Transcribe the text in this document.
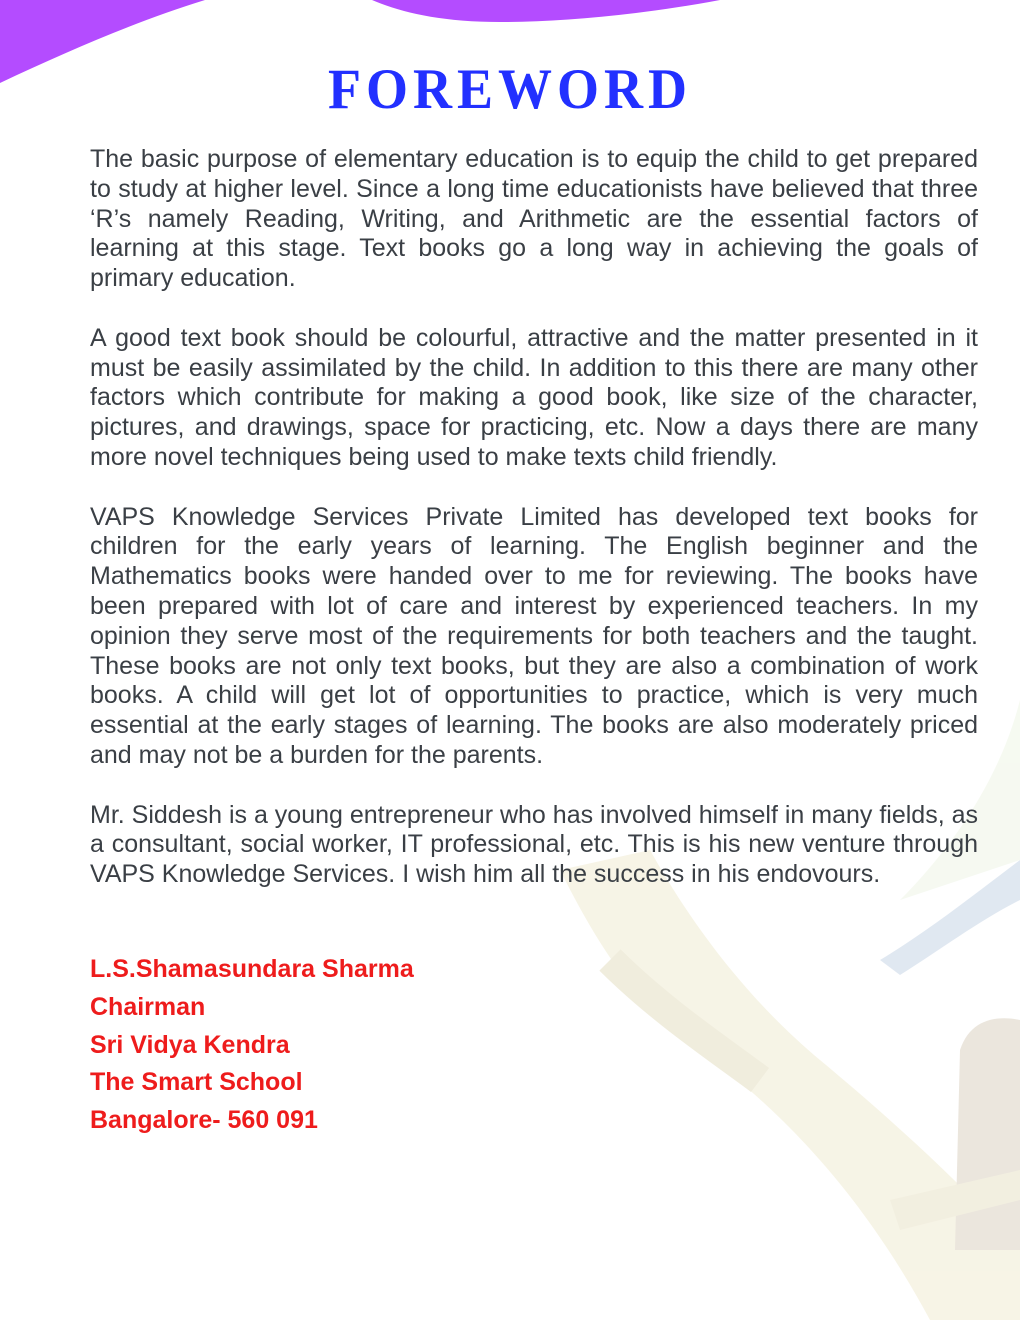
FOREWORD

The basic purpose of elementary education is to equip the child to get prepared to study at higher level. Since a long time educationists have believed that three ‘R’s namely Reading, Writing, and Arithmetic are the essential factors of learning at this stage. Text books go a long way in achieving the goals of primary education.

A good text book should be colourful, attractive and the matter presented in it must be easily assimilated by the child. In addition to this there are many other factors which contribute for making a good book, like size of the character, pictures, and drawings, space for practicing, etc. Now a days there are many more novel techniques being used to make texts child friendly.

VAPS Knowledge Services Private Limited has developed text books for children for the early years of learning. The English beginner and the Mathematics books were handed over to me for reviewing. The books have been prepared with lot of care and interest by experienced teachers. In my opinion they serve most of the requirements for both teachers and the taught. These books are not only text books, but they are also a combination of work books. A child will get lot of opportunities to practice, which is very much essential at the early stages of learning. The books are also moderately priced and may not be a burden for the parents.

Mr. Siddesh is a young entrepreneur who has involved himself in many fields, as a consultant, social worker, IT professional, etc. This is his new venture through VAPS Knowledge Services. I wish him all the success in his endovours.

L.S.Shamasundara Sharma
Chairman
Sri Vidya Kendra
The Smart School
Bangalore- 560 091
